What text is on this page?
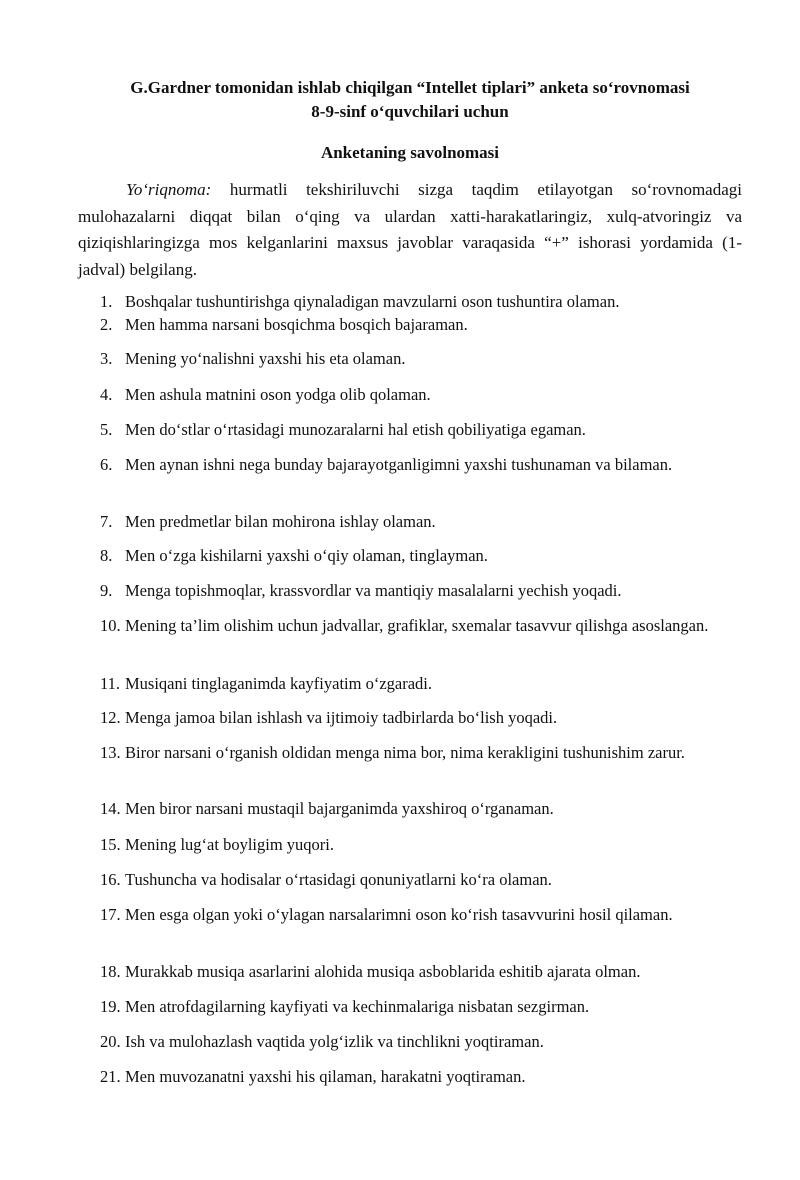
G.Gardner tomonidan ishlab chiqilgan “Intellet tiplari” anketa so‘rovnomasi
8-9-sinf o‘quvchilari uchun
Anketaning savolnomasi
Yo‘riqnoma: hurmatli tekshiriluvchi sizga taqdim etilayotgan so‘rovnomadagi mulohazalarni diqqat bilan o‘qing va ulardan xatti-harakatlaringiz, xulq-atvoringiz va qiziqishlaringizga mos kelganlarini maxsus javoblar varaqasida “+” ishorasi yordamida (1-jadval) belgilang.
1. Boshqalar tushuntirishga qiynaladigan mavzularni oson tushuntira olaman.
2. Men hamma narsani bosqichma bosqich bajaraman.
3. Mening yo‘nalishni yaxshi his eta olaman.
4. Men ashula matnini oson yodga olib qolaman.
5. Men do‘stlar o‘rtasidagi munozaralarni hal etish qobiliyatiga egaman.
6. Men aynan ishni nega bunday bajarayotganligimni yaxshi tushunaman va bilaman.
7. Men predmetlar bilan mohirona ishlay olaman.
8. Men o‘zga kishilarni yaxshi o‘qiy olaman, tinglayman.
9. Menga topishmoqlar, krassvordlar va mantiqiy masalalarni yechish yoqadi.
10. Mening ta’lim olishim uchun jadvallar, grafiklar, sxemalar tasavvur qilishga asoslangan.
11. Musiqani tinglaganimda kayfiyatim o‘zgaradi.
12. Menga jamoa bilan ishlash va ijtimoiy tadbirlarda bo‘lish yoqadi.
13. Biror narsani o‘rganish oldidan menga nima bor, nima kerakligini tushunishim zarur.
14. Men biror narsani mustaqil bajarganimda yaxshiroq o‘rganaman.
15. Mening lug‘at boyligim yuqori.
16. Tushuncha va hodisalar o‘rtasidagi qonuniyatlarni ko‘ra olaman.
17. Men esga olgan yoki o‘ylagan narsalarimni oson ko‘rish tasavvurini hosil qilaman.
18. Murakkab musiqa asarlarini alohida musiqa asboblarida eshitib ajarata olman.
19. Men atrofdagilarning kayfiyati va kechinmalariga nisbatan sezgirman.
20. Ish va mulohazlash vaqtida yolg‘izlik va tinchlikni yoqtiraman.
21. Men muvozanatni yaxshi his qilaman, harakatni yoqtiraman.
